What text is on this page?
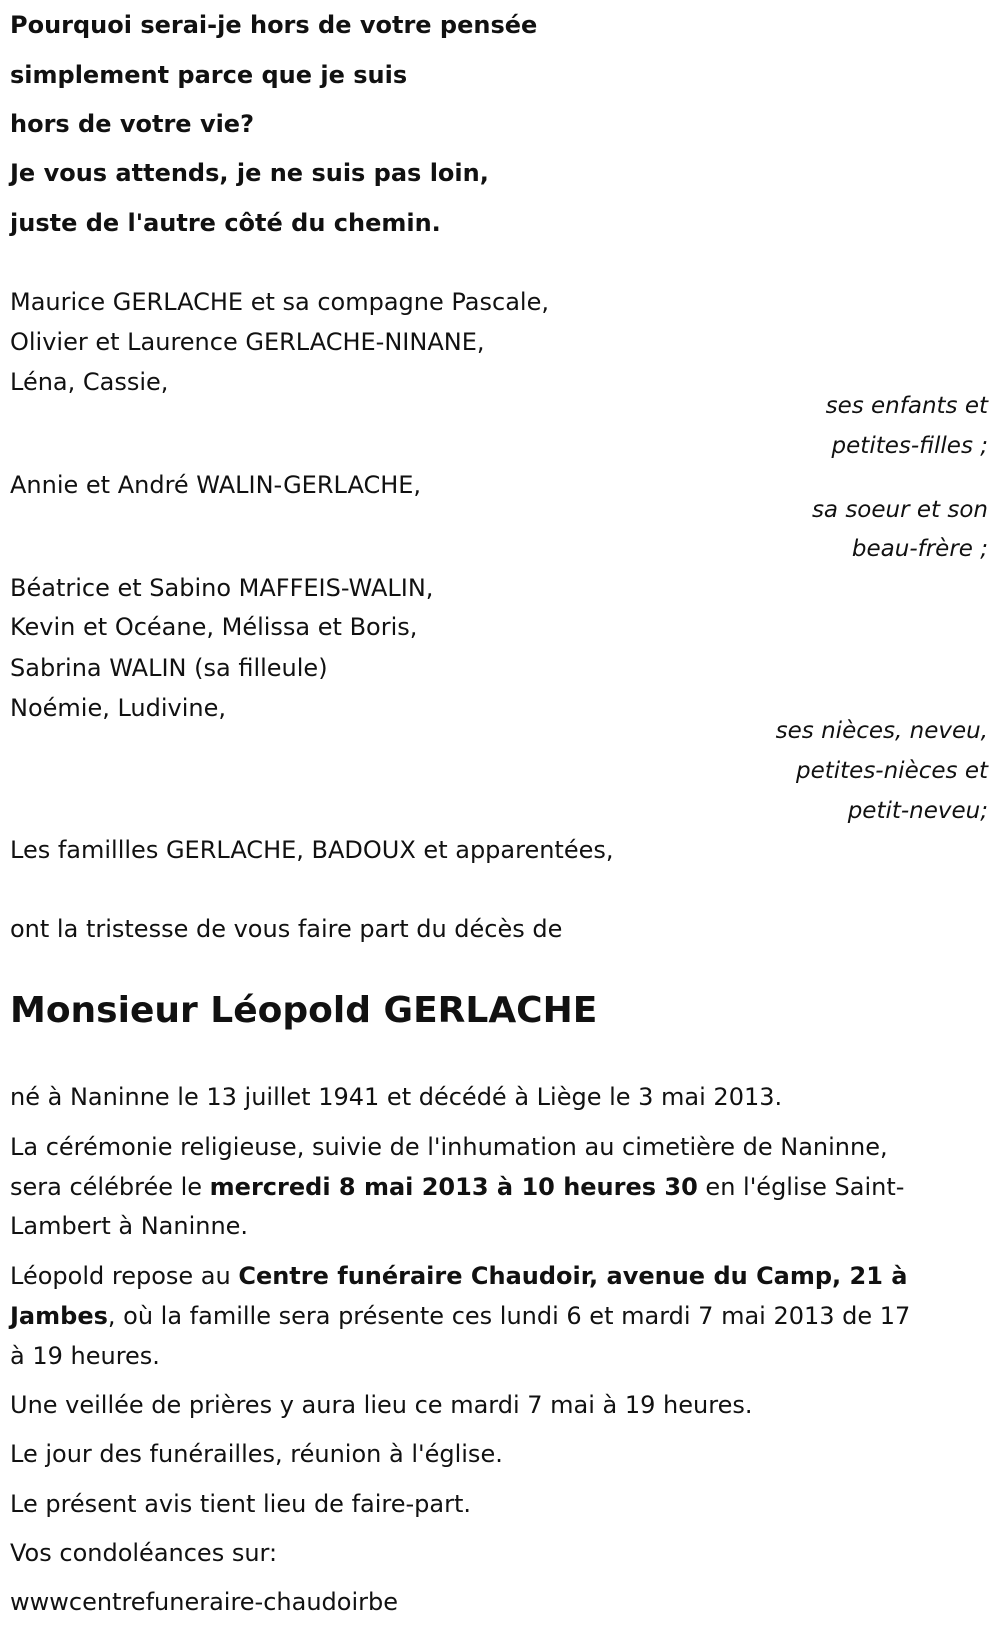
Pourquoi serai-je hors de votre pensée
simplement parce que je suis
hors de votre vie?
Je vous attends, je ne suis pas loin,
juste de l'autre côté du chemin.
Maurice GERLACHE et sa compagne Pascale,
Olivier et Laurence GERLACHE-NINANE,
Léna, Cassie,
ses enfants et
petites-filles ;
Annie et André WALIN-GERLACHE,
sa soeur et son
beau-frère ;
Béatrice et Sabino MAFFEIS-WALIN,
Kevin et Océane, Mélissa et Boris,
Sabrina WALIN (sa filleule)
Noémie, Ludivine,
ses nièces, neveu,
petites-nièces et
petit-neveu;
Les famillles GERLACHE, BADOUX et apparentées,
ont la tristesse de vous faire part du décès de
Monsieur Léopold GERLACHE
né à Naninne le 13 juillet 1941 et décédé à Liège le 3 mai 2013.
La cérémonie religieuse, suivie de l'inhumation au cimetière de Naninne,
sera célébrée le mercredi 8 mai 2013 à 10 heures 30 en l'église Saint-
Lambert à Naninne.
Léopold repose au Centre funéraire Chaudoir, avenue du Camp, 21 à
Jambes, où la famille sera présente ces lundi 6 et mardi 7 mai 2013 de 17
à 19 heures.
Une veillée de prières y aura lieu ce mardi 7 mai à 19 heures.
Le jour des funérailles, réunion à l'église.
Le présent avis tient lieu de faire-part.
Vos condoléances sur:
wwwcentrefuneraire-chaudoirbe
